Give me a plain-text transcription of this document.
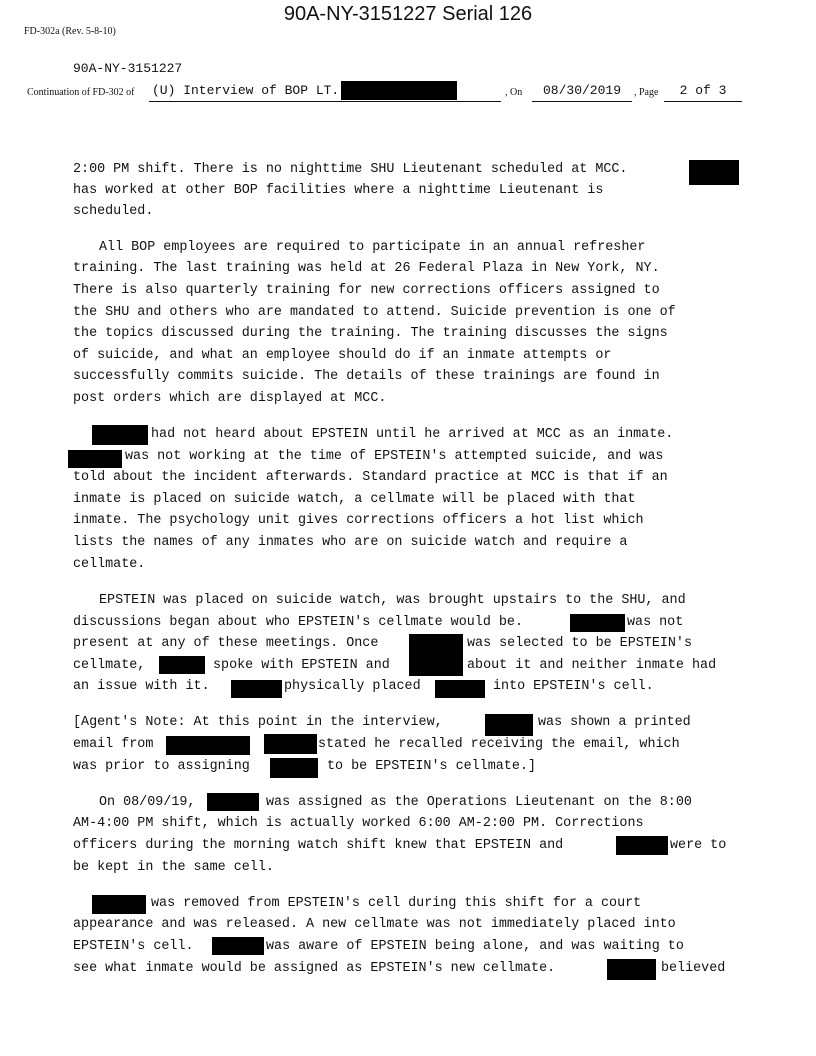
90A-NY-3151227 Serial 126
FD-302a (Rev. 5-8-10)
90A-NY-3151227
Continuation of FD-302 of (U) Interview of BOP LT.	, On	08/30/2019	, Page	2 of 3
2:00 PM shift. There is no nighttime SHU Lieutenant scheduled at MCC.
has worked at other BOP facilities where a nighttime Lieutenant is
scheduled.
All BOP employees are required to participate in an annual refresher
training. The last training was held at 26 Federal Plaza in New York, NY.
There is also quarterly training for new corrections officers assigned to
the SHU and others who are mandated to attend. Suicide prevention is one of
the topics discussed during the training. The training discusses the signs
of suicide, and what an employee should do if an inmate attempts or
successfully commits suicide. The details of these trainings are found in
post orders which are displayed at MCC.
had not heard about EPSTEIN until he arrived at MCC as an inmate.
was not working at the time of EPSTEIN's attempted suicide, and was
told about the incident afterwards. Standard practice at MCC is that if an
inmate is placed on suicide watch, a cellmate will be placed with that
inmate. The psychology unit gives corrections officers a hot list which
lists the names of any inmates who are on suicide watch and require a
cellmate.
EPSTEIN was placed on suicide watch, was brought upstairs to the SHU, and
discussions began about who EPSTEIN's cellmate would be.	was not
present at any of these meetings. Once	was selected to be EPSTEIN's
cellmate,	spoke with EPSTEIN and	about it and neither inmate had
an issue with it.	physically placed	into EPSTEIN's cell.
[Agent's Note: At this point in the interview,	was shown a printed
email from	stated he recalled receiving the email, which
was prior to assigning	to be EPSTEIN's cellmate.]
On 08/09/19,	was assigned as the Operations Lieutenant on the 8:00
AM-4:00 PM shift, which is actually worked 6:00 AM-2:00 PM. Corrections
officers during the morning watch shift knew that EPSTEIN and	were to
be kept in the same cell.
was removed from EPSTEIN's cell during this shift for a court
appearance and was released. A new cellmate was not immediately placed into
EPSTEIN's cell.	was aware of EPSTEIN being alone, and was waiting to
see what inmate would be assigned as EPSTEIN's new cellmate.	believed
